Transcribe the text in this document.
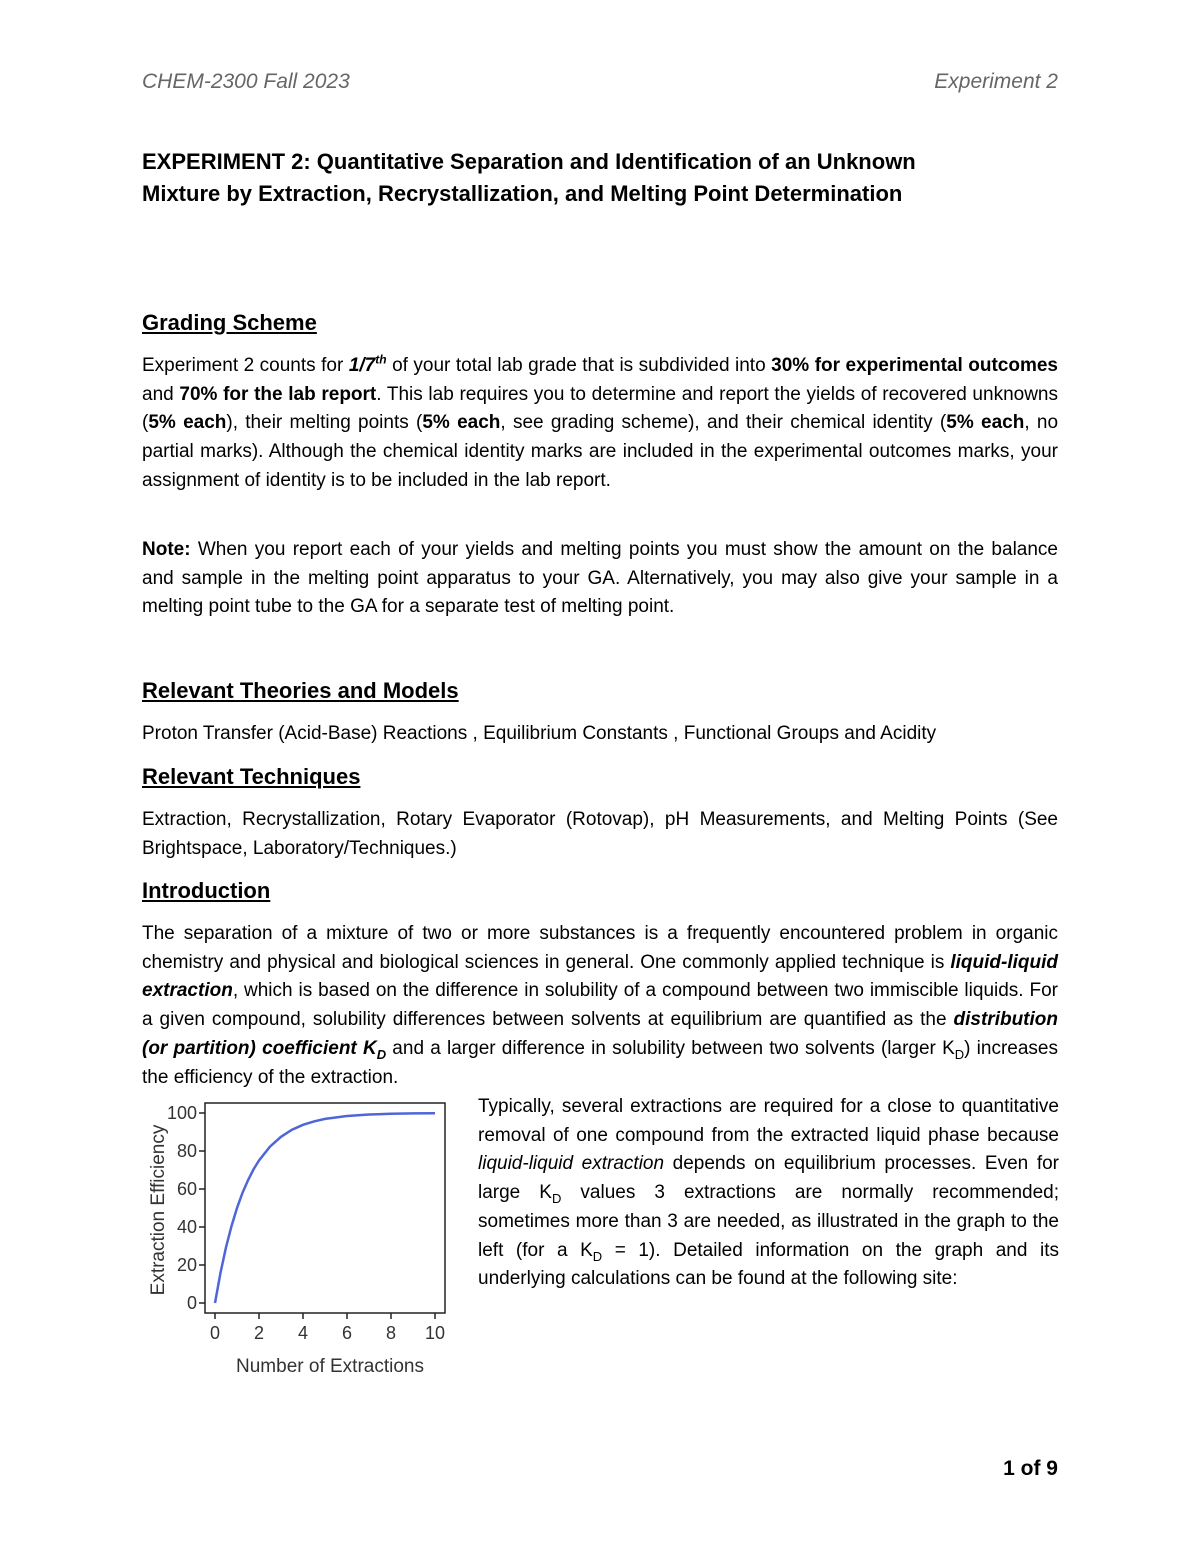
CHEM-2300 Fall 2023	Experiment 2
EXPERIMENT 2: Quantitative Separation and Identification of an Unknown
Mixture by Extraction, Recrystallization, and Melting Point Determination
Grading Scheme
Experiment 2 counts for 1/7th of your total lab grade that is subdivided into 30% for experimental outcomes and 70% for the lab report. This lab requires you to determine and report the yields of recovered unknowns (5% each), their melting points (5% each, see grading scheme), and their chemical identity (5% each, no partial marks). Although the chemical identity marks are included in the experimental outcomes marks, your assignment of identity is to be included in the lab report.
Note: When you report each of your yields and melting points you must show the amount on the balance and sample in the melting point apparatus to your GA. Alternatively, you may also give your sample in a melting point tube to the GA for a separate test of melting point.
Relevant Theories and Models
Proton Transfer (Acid-Base) Reactions , Equilibrium Constants , Functional Groups and Acidity
Relevant Techniques
Extraction, Recrystallization, Rotary Evaporator (Rotovap), pH Measurements, and Melting Points (See Brightspace, Laboratory/Techniques.)
Introduction
The separation of a mixture of two or more substances is a frequently encountered problem in organic chemistry and physical and biological sciences in general. One commonly applied technique is liquid-liquid extraction, which is based on the difference in solubility of a compound between two immiscible liquids. For a given compound, solubility differences between solvents at equilibrium are quantified as the distribution (or partition) coefficient $K_D$ and a larger difference in solubility between two solvents (larger $K_D$) increases the efficiency of the extraction.
Typically, several extractions are required for a close to quantitative removal of one compound from the extracted liquid phase because liquid-liquid extraction depends on equilibrium processes. Even for large $K_D$ values 3 extractions are normally recommended; sometimes more than 3 are needed, as illustrated in the graph to the left (for a $K_D = 1$). Detailed information on the graph and its underlying calculations can be found at the following site:
0
20
40
60
80
100
0 2 4 6 8 10
Extraction Efficiency
Number of Extractions
1 of 9
